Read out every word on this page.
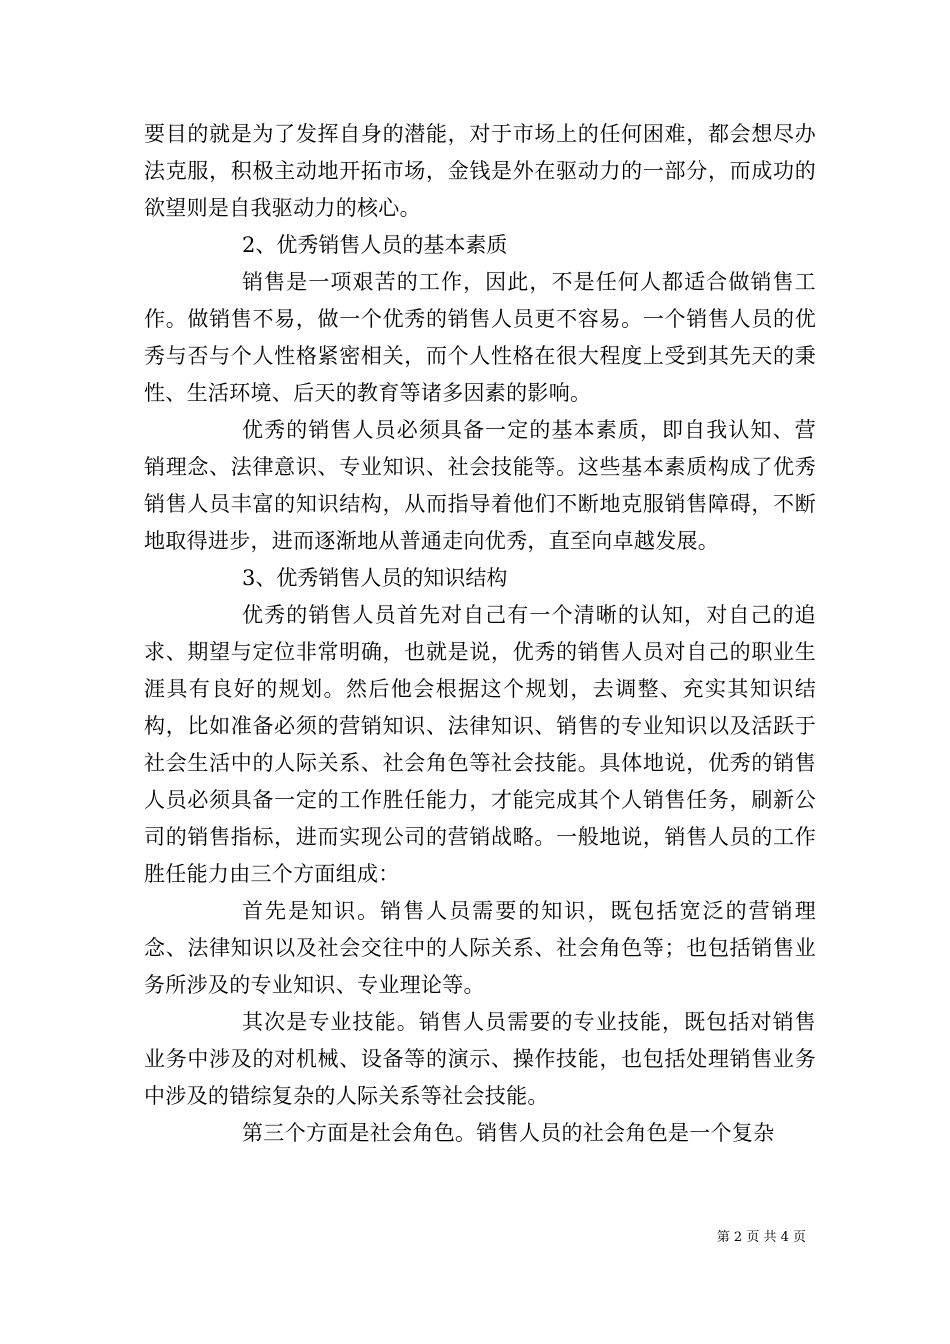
要目的就是为了发挥自身的潜能，对于市场上的任何困难，都会想尽办法克服，积极主动地开拓市场，金钱是外在驱动力的一部分，而成功的欲望则是自我驱动力的核心。

2、优秀销售人员的基本素质

销售是一项艰苦的工作，因此，不是任何人都适合做销售工作。做销售不易，做一个优秀的销售人员更不容易。一个销售人员的优秀与否与个人性格紧密相关，而个人性格在很大程度上受到其先天的秉性、生活环境、后天的教育等诸多因素的影响。

优秀的销售人员必须具备一定的基本素质，即自我认知、营销理念、法律意识、专业知识、社会技能等。这些基本素质构成了优秀销售人员丰富的知识结构，从而指导着他们不断地克服销售障碍，不断地取得进步，进而逐渐地从普通走向优秀，直至向卓越发展。

3、优秀销售人员的知识结构

优秀的销售人员首先对自己有一个清晰的认知，对自己的追求、期望与定位非常明确，也就是说，优秀的销售人员对自己的职业生涯具有良好的规划。然后他会根据这个规划，去调整、充实其知识结构，比如准备必须的营销知识、法律知识、销售的专业知识以及活跃于社会生活中的人际关系、社会角色等社会技能。具体地说，优秀的销售人员必须具备一定的工作胜任能力，才能完成其个人销售任务，刷新公司的销售指标，进而实现公司的营销战略。一般地说，销售人员的工作胜任能力由三个方面组成：

首先是知识。销售人员需要的知识，既包括宽泛的营销理念、法律知识以及社会交往中的人际关系、社会角色等；也包括销售业务所涉及的专业知识、专业理论等。

其次是专业技能。销售人员需要的专业技能，既包括对销售业务中涉及的对机械、设备等的演示、操作技能，也包括处理销售业务中涉及的错综复杂的人际关系等社会技能。

第三个方面是社会角色。销售人员的社会角色是一个复杂

第 2 页 共 4 页
